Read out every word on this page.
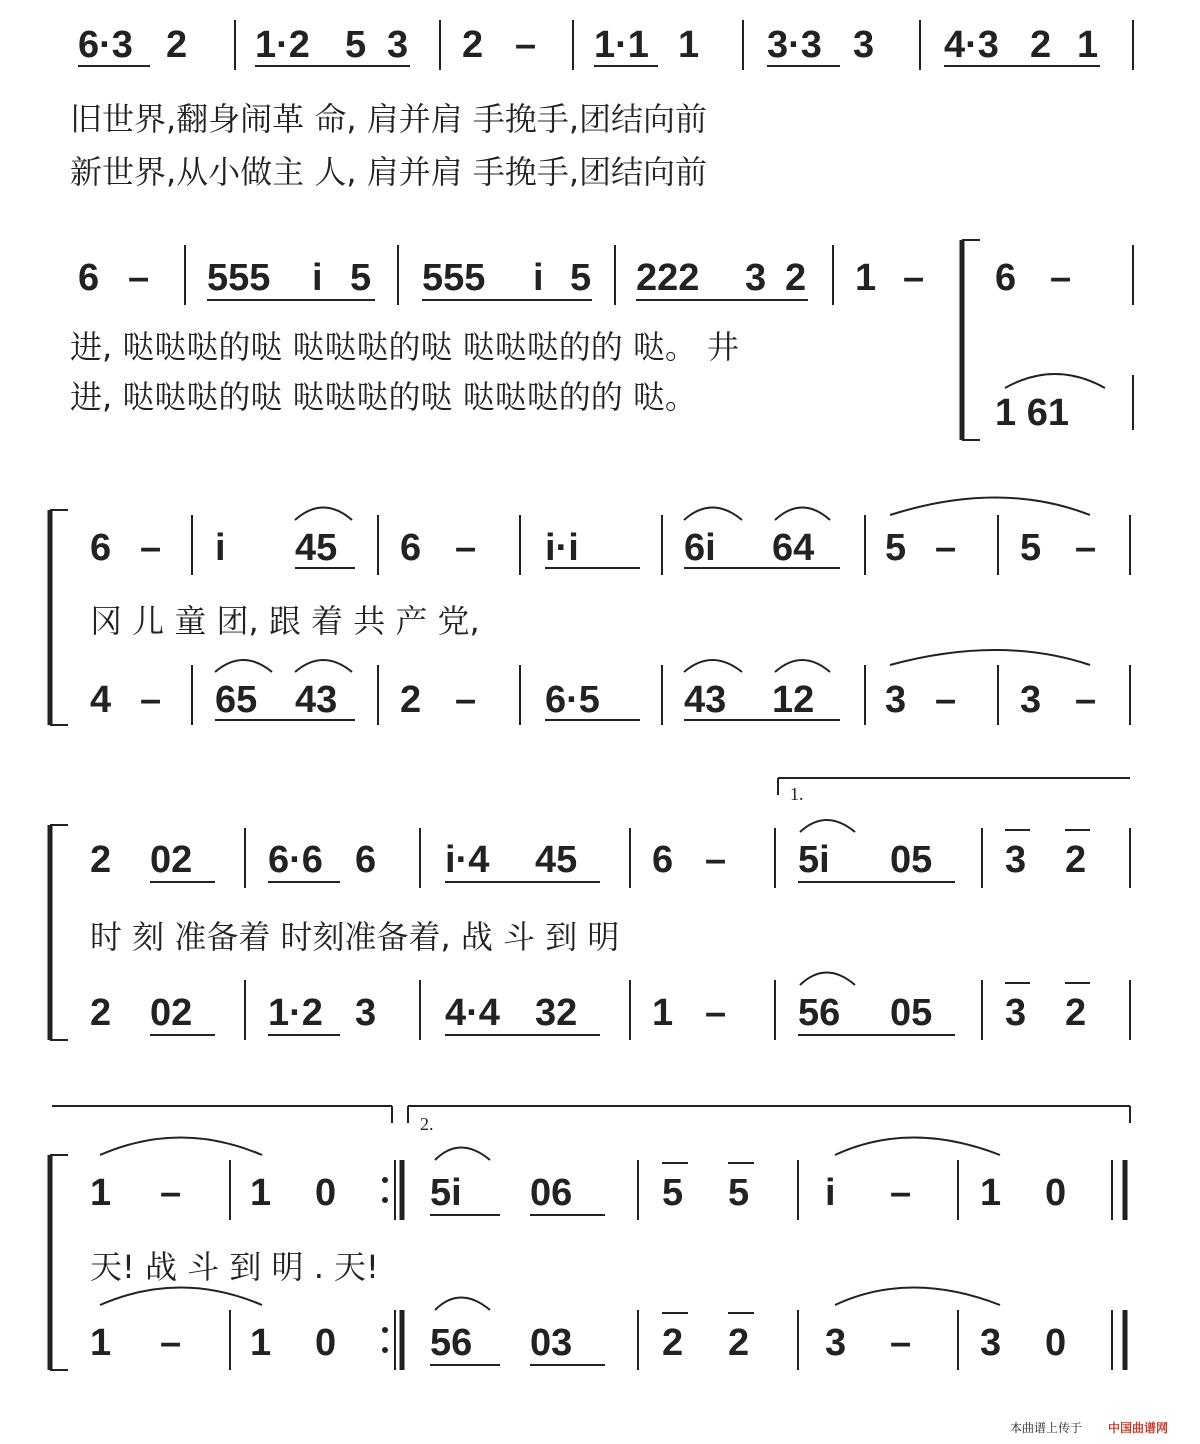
6·3 2 1·2 5 3 2 – 1·1 1 3·3 3 4·3 2 1
旧世界,翻身闹革 命, 肩并肩 手挽手,团结向前
新世界,从小做主 人, 肩并肩 手挽手,团结向前
6 – 555 i 5 555 i 5 222 3 2 1 – 6 –
进, 哒哒哒的哒 哒哒哒的哒 哒哒哒的的 哒。 井
进, 哒哒哒的哒 哒哒哒的哒 哒哒哒的的 哒。	1 61
6 – i 45 6 – i·i	6i 64 5 – 5 –
冈 儿 童 团, 跟 着 共 产 党,
4 – 65 43 2 – 6·5 43 12 3 – 3 –
1.
2 02 6·6 6 i·4 45 6 – 5i 05 3 2
时 刻 准备着 时刻准备着, 战 斗 到 明
2 02 1·2 3 4·4 32 1 – 56 05 3 2
2.
1 – 1 0 5i 06 5 5 i – 1 0
天! 战 斗 到 明 . 天!
1 – 1 0 56 03 2 2 3 – 3 0
本曲谱上传于 中国曲谱网
